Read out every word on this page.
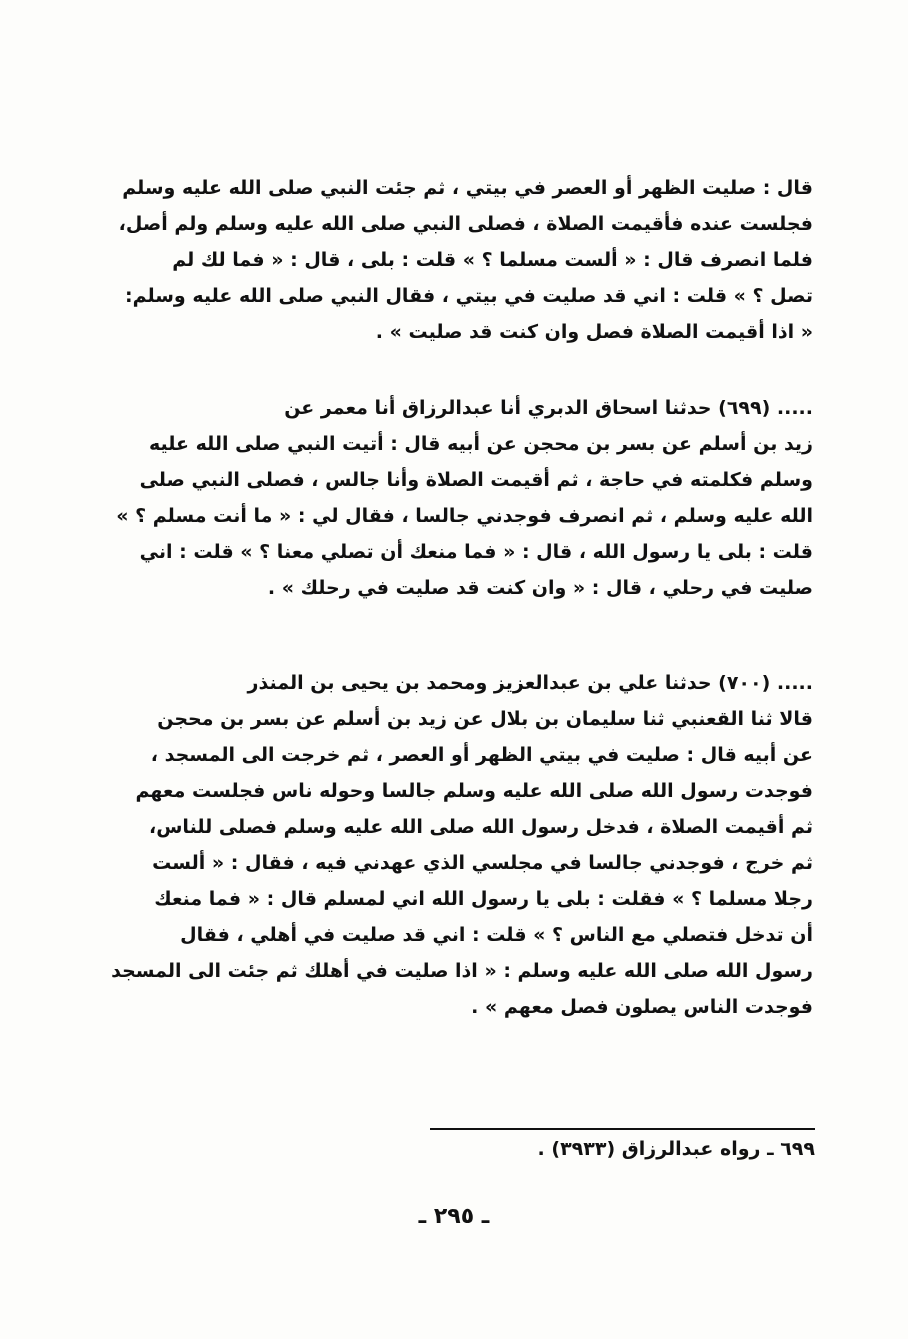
قال : صليت الظهر أو العصر في بيتي ، ثم جئت النبي صلى الله عليه وسلم
فجلست عنده فأقيمت الصلاة ، فصلى النبي صلى الله عليه وسلم ولم أصل،
فلما انصرف قال : « ألست مسلما ؟ » قلت : بلى ، قال : « فما لك لم
تصل ؟ » قلت : اني قد صليت في بيتي ، فقال النبي صلى الله عليه وسلم:
« اذا أقيمت الصلاة فصل وان كنت قد صليت » .
..... (٦٩٩) حدثنا اسحاق الدبري أنا عبدالرزاق أنا معمر عن
زيد بن أسلم عن بسر بن محجن عن أبيه قال : أتيت النبي صلى الله عليه
وسلم فكلمته في حاجة ، ثم أقيمت الصلاة وأنا جالس ، فصلى النبي صلى
الله عليه وسلم ، ثم انصرف فوجدني جالسا ، فقال لي : « ما أنت مسلم ؟ »
قلت : بلى يا رسول الله ، قال : « فما منعك أن تصلي معنا ؟ » قلت : اني
صليت في رحلي ، قال : « وان كنت قد صليت في رحلك » .
..... (٧٠٠) حدثنا علي بن عبدالعزيز ومحمد بن يحيى بن المنذر
قالا ثنا القعنبي ثنا سليمان بن بلال عن زيد بن أسلم عن بسر بن محجن
عن أبيه قال : صليت في بيتي الظهر أو العصر ، ثم خرجت الى المسجد ،
فوجدت رسول الله صلى الله عليه وسلم جالسا وحوله ناس فجلست معهم
ثم أقيمت الصلاة ، فدخل رسول الله صلى الله عليه وسلم فصلى للناس،
ثم خرج ، فوجدني جالسا في مجلسي الذي عهدني فيه ، فقال : « ألست
رجلا مسلما ؟ » فقلت : بلى يا رسول الله اني لمسلم قال : « فما منعك
أن تدخل فتصلي مع الناس ؟ » قلت : اني قد صليت في أهلي ، فقال
رسول الله صلى الله عليه وسلم : « اذا صليت في أهلك ثم جئت الى المسجد
فوجدت الناس يصلون فصل معهم » .
٦٩٩ ـ رواه عبدالرزاق (٣٩٣٣) .
ـ ٢٩٥ ـ
